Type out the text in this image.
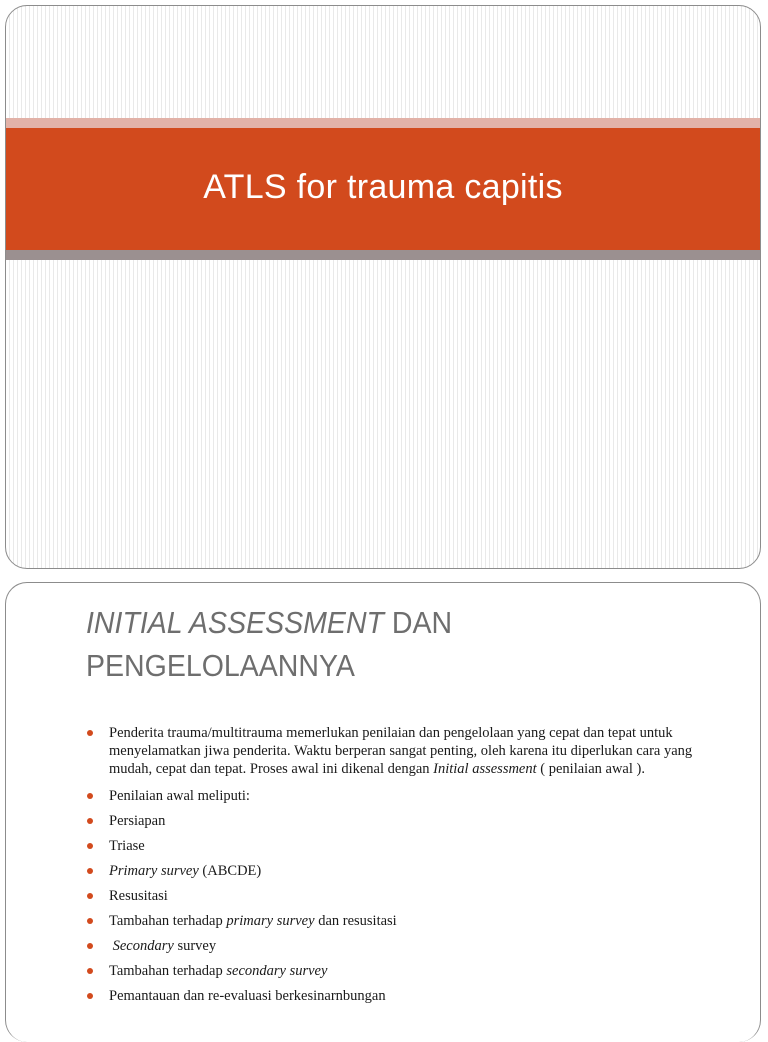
ATLS for trauma capitis
INITIAL ASSESSMENT DAN
PENGELOLAANNYA
Penderita trauma/multitrauma memerlukan penilaian dan pengelolaan yang cepat dan tepat untuk menyelamatkan jiwa penderita. Waktu berperan sangat penting, oleh karena itu diperlukan cara yang mudah, cepat dan tepat. Proses awal ini dikenal dengan Initial assessment ( penilaian awal ).
Penilaian awal meliputi:
Persiapan
Triase
Primary survey (ABCDE)
Resusitasi
Tambahan terhadap primary survey dan resusitasi
Secondary survey
Tambahan terhadap secondary survey
Pemantauan dan re-evaluasi berkesinarnbungan
